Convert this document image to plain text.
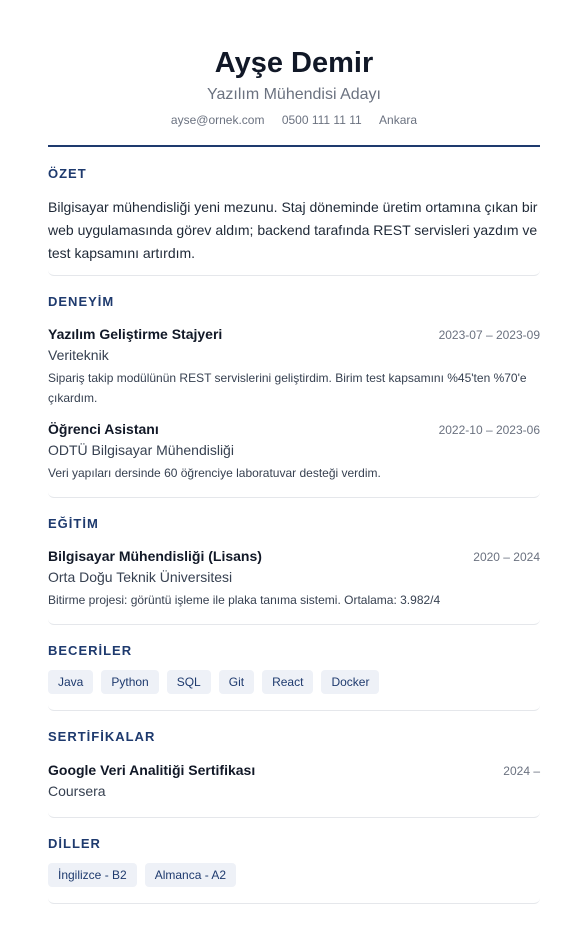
Ayşe Demir
Yazılım Mühendisi Adayı
ayse@ornek.com 0500 111 11 11 Ankara
ÖZET

Bilgisayar mühendisliği yeni mezunu. Staj döneminde üretim ortamına çıkan bir web uygulamasında görev aldım; backend tarafında REST servisleri yazdım ve test kapsamını artırdım.

DENEYİM
Yazılım Geliştirme Stajyeri	2023-07 – 2023-09
Veriteknik
Sipariş takip modülünün REST servislerini geliştirdim. Birim test kapsamını %45'ten %70'e çıkardım.
Öğrenci Asistanı	2022-10 – 2023-06
ODTÜ Bilgisayar Mühendisliği
Veri yapıları dersinde 60 öğrenciye laboratuvar desteği verdim.
EĞİTİM
Bilgisayar Mühendisliği (Lisans)	2020 – 2024
Orta Doğu Teknik Üniversitesi
Bitirme projesi: görüntü işleme ile plaka tanıma sistemi. Ortalama: 3.982/4
BECERİLER
Java	Python	SQL	Git	React	Docker
SERTİFİKALAR
Google Veri Analitiği Sertifikası	2024 –
Coursera
DİLLER
İngilizce - B2	Almanca - A2
